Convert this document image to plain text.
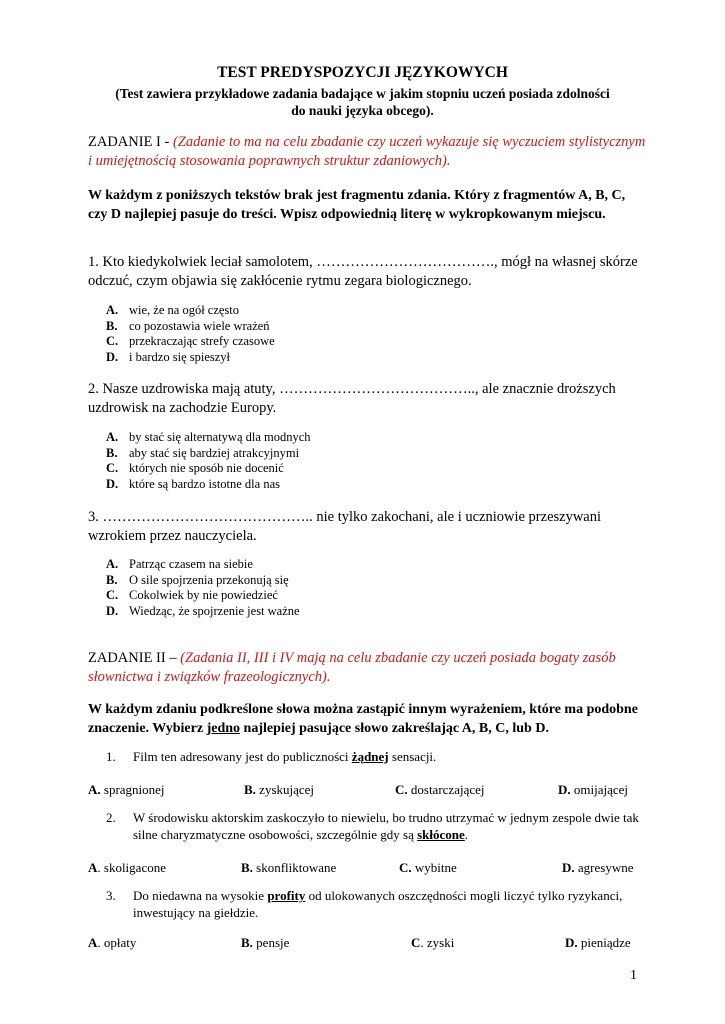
TEST PREDYSPOZYCJI JĘZYKOWYCH
(Test zawiera przykładowe zadania badające w jakim stopniu uczeń posiada zdolności
do nauki języka obcego).
ZADANIE I - (Zadanie to ma na celu zbadanie czy uczeń wykazuje się wyczuciem stylistycznym i umiejętnością stosowania poprawnych struktur zdaniowych).
W każdym z poniższych tekstów brak jest fragmentu zdania. Który z fragmentów A, B, C, czy D najlepiej pasuje do treści. Wpisz odpowiednią literę w wykropkowanym miejscu.
1. Kto kiedykolwiek leciał samolotem, ………………………………., mógł na własnej skórze odczuć, czym objawia się zakłócenie rytmu zegara biologicznego.
A. wie, że na ogół często
B. co pozostawia wiele wrażeń
C. przekraczając strefy czasowe
D. i bardzo się spieszył
2. Nasze uzdrowiska mają atuty, ………………………………….., ale znacznie droższych uzdrowisk na zachodzie Europy.
A. by stać się alternatywą dla modnych
B. aby stać się bardziej atrakcyjnymi
C. których nie sposób nie docenić
D. które są bardzo istotne dla nas
3. …………………………………….. nie tylko zakochani, ale i uczniowie przeszywani wzrokiem przez nauczyciela.
A. Patrząc czasem na siebie
B. O sile spojrzenia przekonują się
C. Cokolwiek by nie powiedzieć
D. Wiedząc, że spojrzenie jest ważne
ZADANIE II – (Zadania II, III i IV mają na celu zbadanie czy uczeń posiada bogaty zasób słownictwa i związków frazeologicznych).
W każdym zdaniu podkreślone słowa można zastąpić innym wyrażeniem, które ma podobne znaczenie. Wybierz jedno najlepiej pasujące słowo zakreślając A, B, C, lub D.
1. Film ten adresowany jest do publiczności żądnej sensacji.
A. spragnionej	B. zyskującej	C. dostarczającej	D. omijającej
2. W środowisku aktorskim zaskoczyło to niewielu, bo trudno utrzymać w jednym zespole dwie tak silne charyzmatyczne osobowości, szczególnie gdy są skłócone.
A. skoligacone	B. skonfliktowane	C. wybitne	D. agresywne
3. Do niedawna na wysokie profity od ulokowanych oszczędności mogli liczyć tylko ryzykanci, inwestujący na giełdzie.
A. opłaty	B. pensje	C. zyski	D. pieniądze
1
